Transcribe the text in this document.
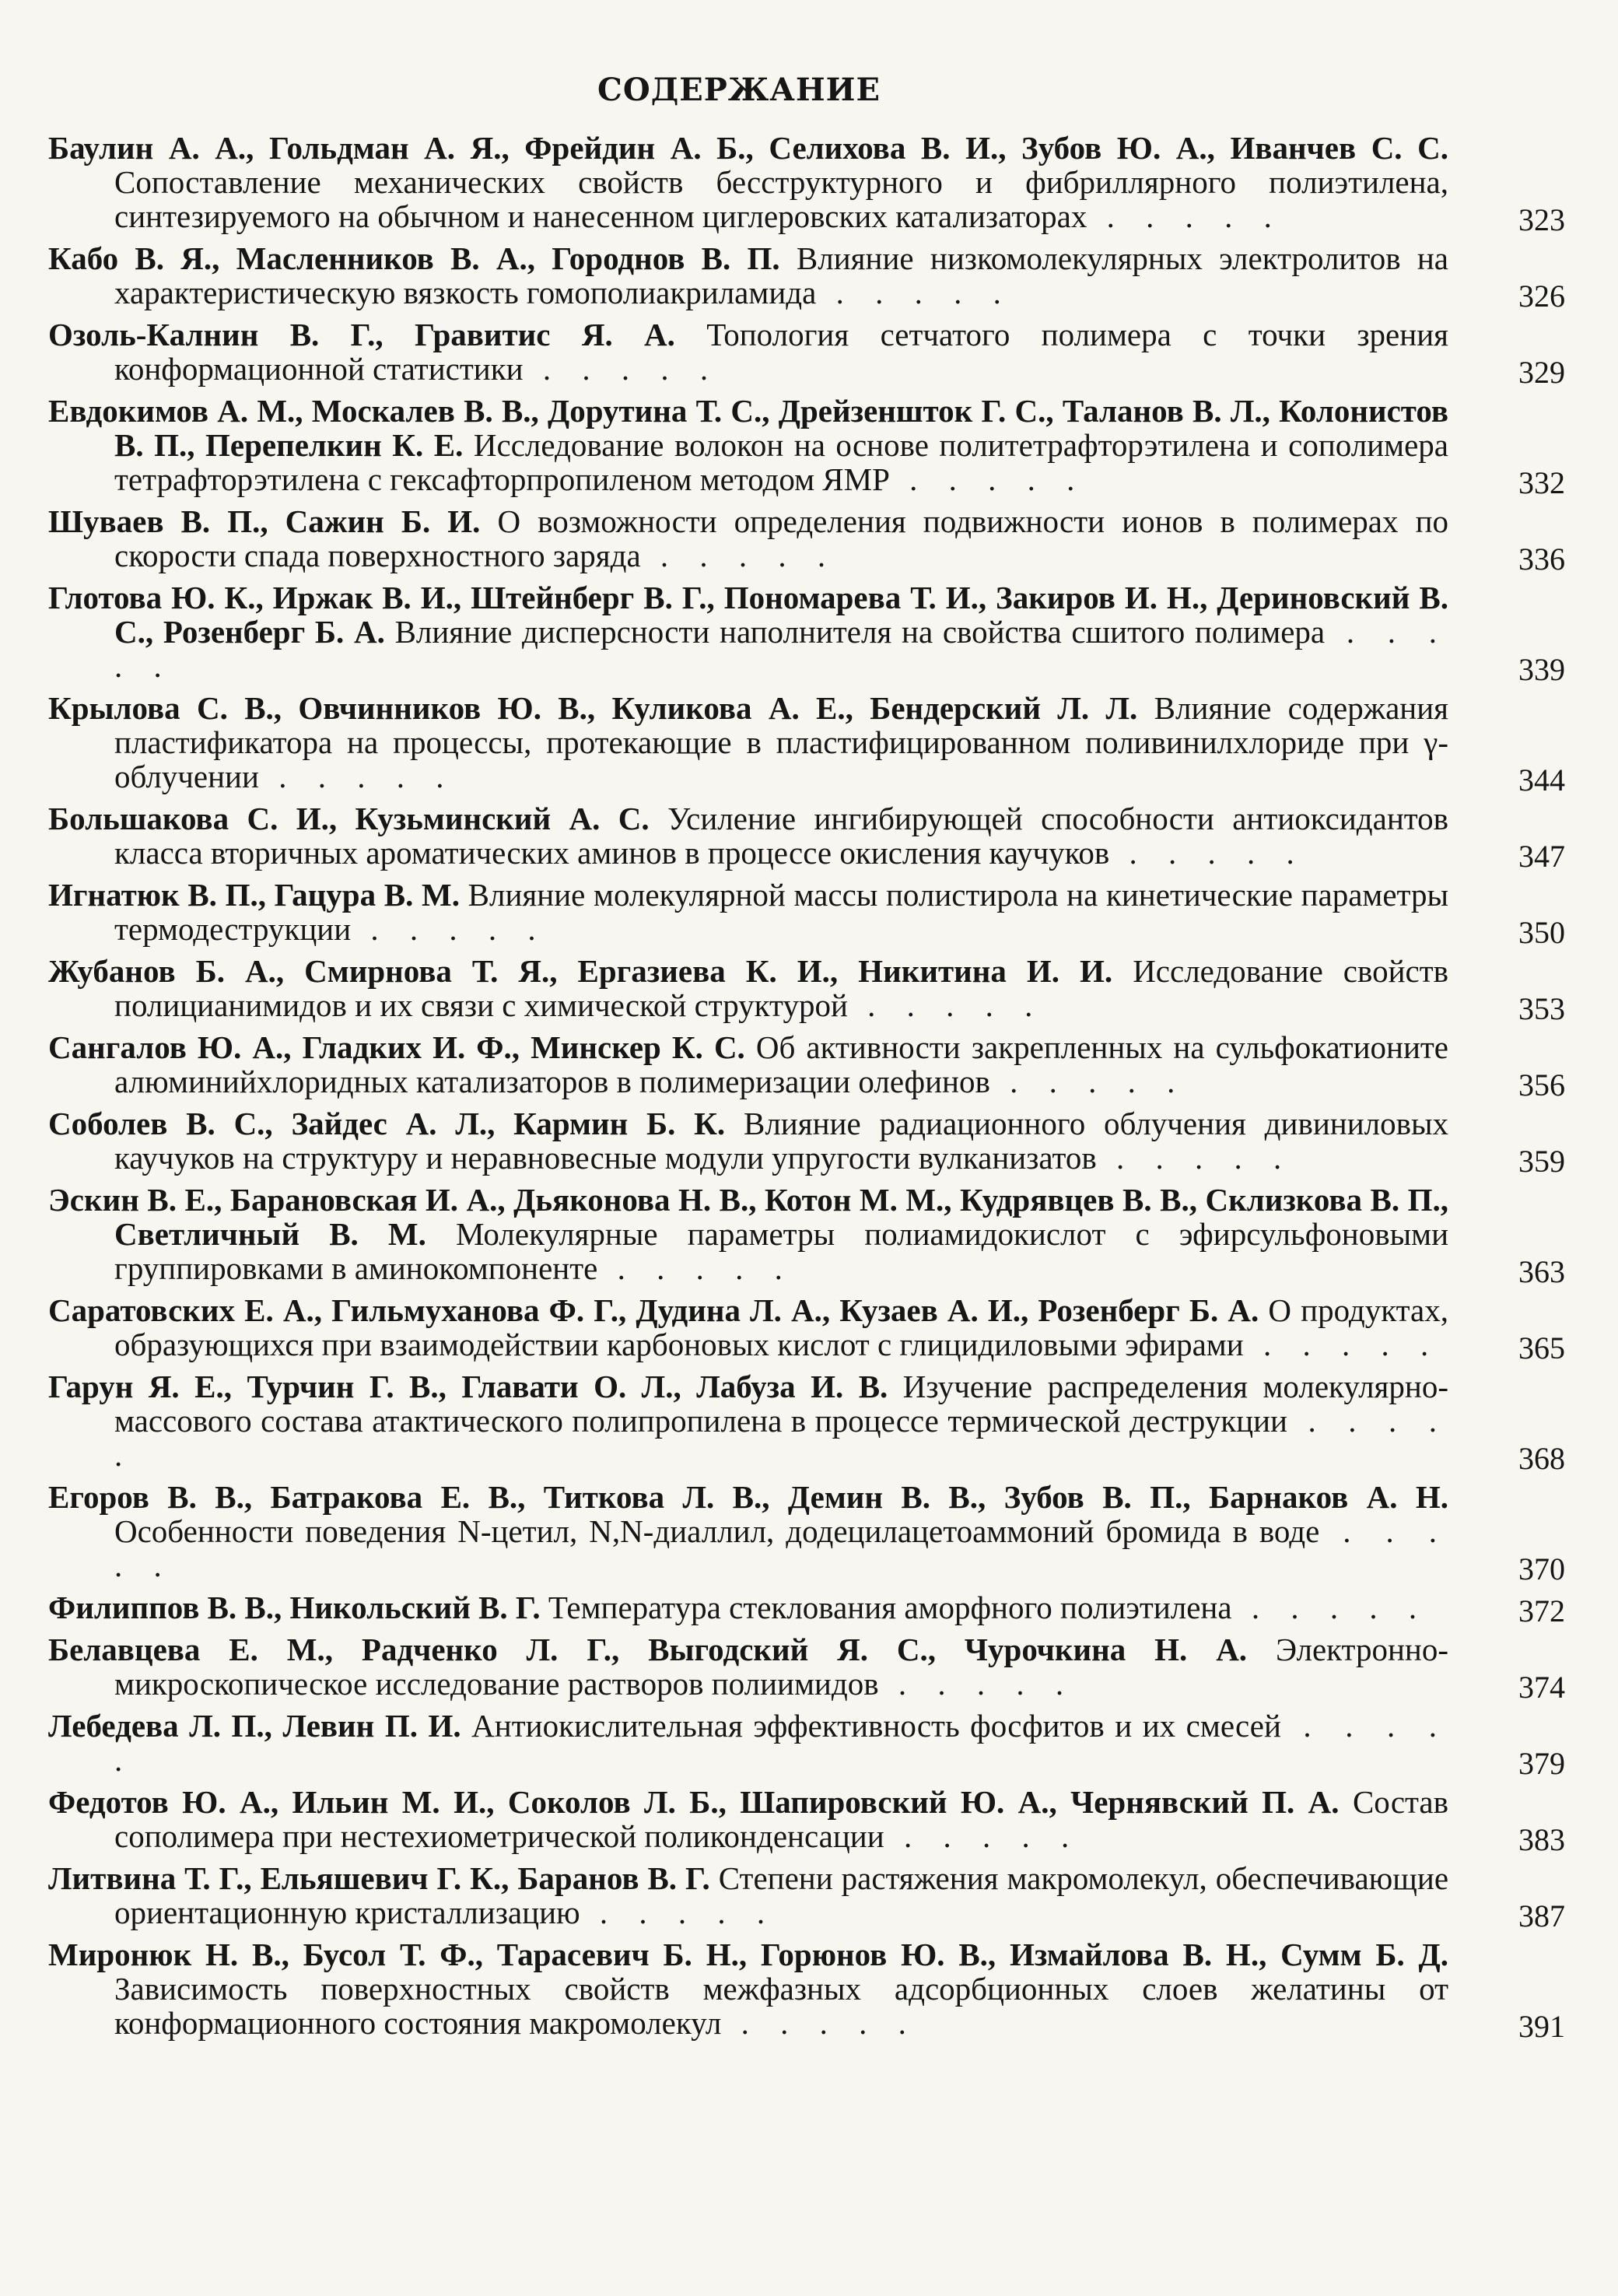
СОДЕРЖАНИЕ
Баулин А. А., Гольдман А. Я., Фрейдин А. Б., Селихова В. И., Зубов Ю. А., Иванчев С. С. Сопоставление механических свойств бесструктурного и фибриллярного полиэтилена, синтезируемого на обычном и нанесенном циглеровских катализаторах . . . . .	323
Кабо В. Я., Масленников В. А., Городнов В. П. Влияние низкомолекулярных электролитов на характеристическую вязкость гомополиакриламида . . . . .	326
Озоль-Калнин В. Г., Гравитис Я. А. Топология сетчатого полимера с точки зрения конформационной статистики . . . . .	329
Евдокимов А. М., Москалев В. В., Дорутина Т. С., Дрейзеншток Г. С., Таланов В. Л., Колонистов В. П., Перепелкин К. Е. Исследование волокон на основе политетрафторэтилена и сополимера тетрафторэтилена с гексафторпропиленом методом ЯМР . . . . .	332
Шуваев В. П., Сажин Б. И. О возможности определения подвижности ионов в полимерах по скорости спада поверхностного заряда . . . . .	336
Глотова Ю. К., Иржак В. И., Штейнберг В. Г., Пономарева Т. И., Закиров И. Н., Дериновский В. С., Розенберг Б. А. Влияние дисперсности наполнителя на свойства сшитого полимера . . . . .	339
Крылова С. В., Овчинников Ю. В., Куликова А. Е., Бендерский Л. Л. Влияние содержания пластификатора на процессы, протекающие в пластифицированном поливинилхлориде при γ-облучении . . . . .	344
Большакова С. И., Кузьминский А. С. Усиление ингибирующей способности антиоксидантов класса вторичных ароматических аминов в процессе окисления каучуков . . . . .	347
Игнатюк В. П., Гацура В. М. Влияние молекулярной массы полистирола на кинетические параметры термодеструкции . . . . .	350
Жубанов Б. А., Смирнова Т. Я., Ергазиева К. И., Никитина И. И. Исследование свойств полицианимидов и их связи с химической структурой . . . . .	353
Сангалов Ю. А., Гладких И. Ф., Минскер К. С. Об активности закрепленных на сульфокатионите алюминийхлоридных катализаторов в полимеризации олефинов . . . . .	356
Соболев В. С., Зайдес А. Л., Кармин Б. К. Влияние радиационного облучения дивиниловых каучуков на структуру и неравновесные модули упругости вулканизатов . . . . .	359
Эскин В. Е., Барановская И. А., Дьяконова Н. В., Котон М. М., Кудрявцев В. В., Склизкова В. П., Светличный В. М. Молекулярные параметры полиамидокислот с эфирсульфоновыми группировками в аминокомпоненте . . . . .	363
Саратовских Е. А., Гильмуханова Ф. Г., Дудина Л. А., Кузаев А. И., Розенберг Б. А. О продуктах, образующихся при взаимодействии карбоновых кислот с глицидиловыми эфирами . . . . .	365
Гарун Я. Е., Турчин Г. В., Главати О. Л., Лабуза И. В. Изучение распределения молекулярно-массового состава атактического полипропилена в процессе термической деструкции . . . . .	368
Егоров В. В., Батракова Е. В., Титкова Л. В., Демин В. В., Зубов В. П., Барнаков А. Н. Особенности поведения N-цетил, N,N-диаллил, додецилацетоаммоний бромида в воде . . . . .	370
Филиппов В. В., Никольский В. Г. Температура стеклования аморфного полиэтилена . . . . .	372
Белавцева Е. М., Радченко Л. Г., Выгодский Я. С., Чурочкина Н. А. Электронно-микроскопическое исследование растворов полиимидов . . . . .	374
Лебедева Л. П., Левин П. И. Антиокислительная эффективность фосфитов и их смесей . . . . .	379
Федотов Ю. А., Ильин М. И., Соколов Л. Б., Шапировский Ю. А., Чернявский П. А. Состав сополимера при нестехиометрической поликонденсации . . . . .	383
Литвина Т. Г., Ельяшевич Г. К., Баранов В. Г. Степени растяжения макромолекул, обеспечивающие ориентационную кристаллизацию . . . . .	387
Миронюк Н. В., Бусол Т. Ф., Тарасевич Б. Н., Горюнов Ю. В., Измайлова В. Н., Сумм Б. Д. Зависимость поверхностных свойств межфазных адсорбционных слоев желатины от конформационного состояния макромолекул . . . . .	391
